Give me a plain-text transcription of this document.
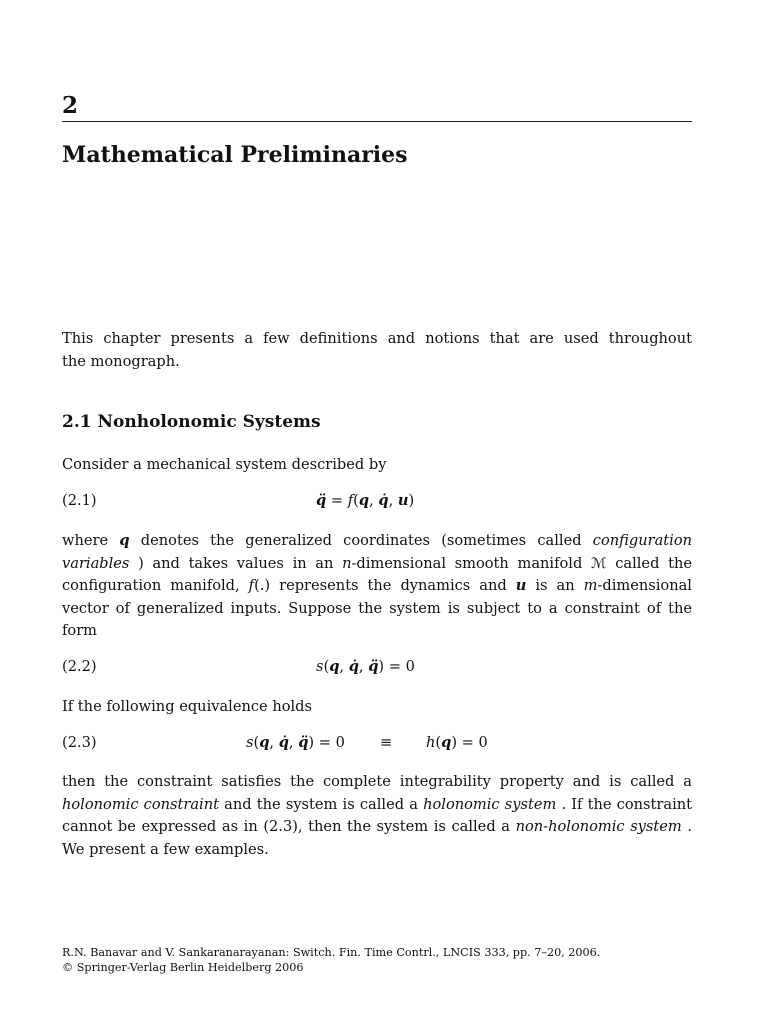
2
Mathematical Preliminaries
This chapter presents a few definitions and notions that are used throughout
the monograph.
2.1 Nonholonomic Systems
Consider a mechanical system described by
(2.1)	q̈ = f(q, q̇, u)
where q denotes the generalized coordinates (sometimes called configuration variables ) and takes values in an n-dimensional smooth manifold ℳ called the configuration manifold, f(.) represents the dynamics and u is an m-dimensional vector of generalized inputs. Suppose the system is subject to a constraint of the form
(2.2)	s(q, q̇, q̈) = 0
If the following equivalence holds
(2.3)	s(q, q̇, q̈) = 0 ≡ h(q) = 0
then the constraint satisfies the complete integrability property and is called a holonomic constraint and the system is called a holonomic system . If the constraint cannot be expressed as in (2.3), then the system is called a non-holonomic system . We present a few examples.
R.N. Banavar and V. Sankaranarayanan: Switch. Fin. Time Contrl., LNCIS 333, pp. 7–20, 2006.
© Springer-Verlag Berlin Heidelberg 2006
